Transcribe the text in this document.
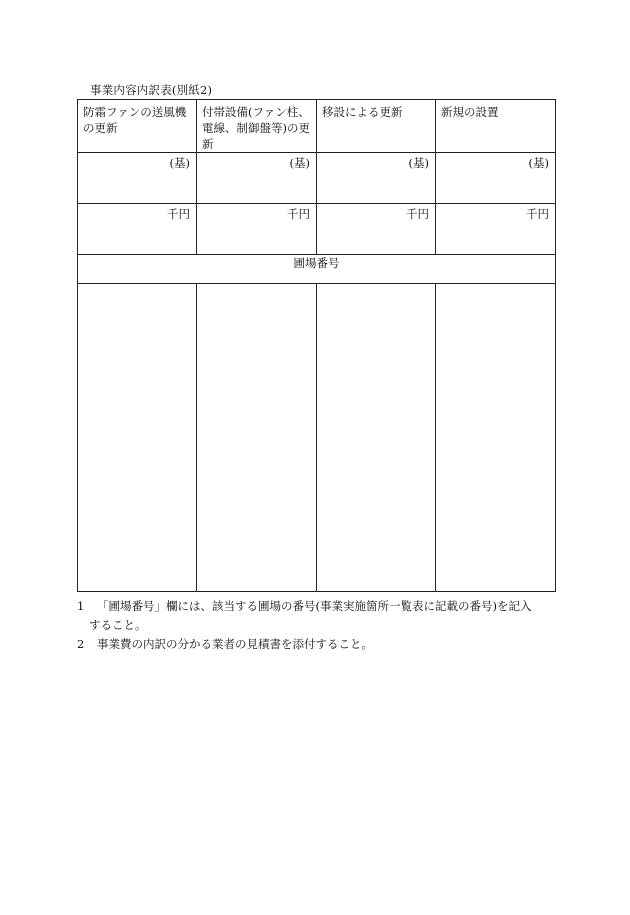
事業内容内訳表(別紙2)
防霜ファンの送風機の更新	付帯設備(ファン柱、電線、制御盤等)の更新	移設による更新	新規の設置

(基)	(基)	(基)	(基)

千円	千円	千円	千円

圃場番号			

1	「圃場番号」欄には、該当する圃場の番号(事業実施箇所一覧表に記載の番号)を記入
すること。
2	事業費の内訳の分かる業者の見積書を添付すること。
